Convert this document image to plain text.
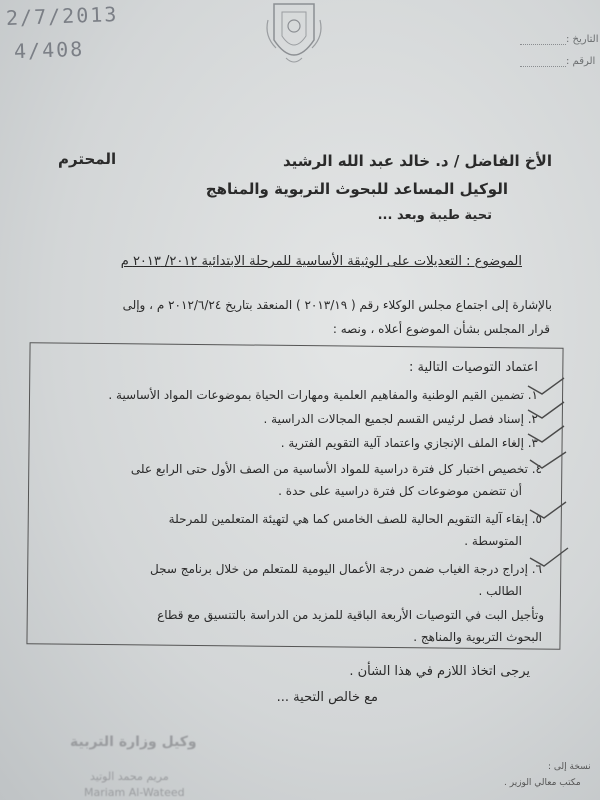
2/7/2013
4/408	التاريخ :
الرقم :
الأخ الفاضل / د. خالد عبد الله الرشيد
المحترم
الوكيل المساعد للبحوث التربوية والمناهج
تحية طيبة وبعد ...
الموضوع : التعديلات على الوثيقة الأساسية للمرحلة الابتدائية ٢٠١٢/ ٢٠١٣ م
بالإشارة إلى اجتماع مجلس الوكلاء رقم ( ٢٠١٣/١٩ ) المنعقد بتاريخ ٢٠١٢/٦/٢٤ م ، وإلى
قرار المجلس بشأن الموضوع أعلاه ، ونصه :
اعتماد التوصيات التالية :
١. تضمين القيم الوطنية والمفاهيم العلمية ومهارات الحياة بموضوعات المواد الأساسية .
٢. إسناد فصل لرئيس القسم لجميع المجالات الدراسية .
٣. إلغاء الملف الإنجازي واعتماد آلية التقويم الفترية .
٤. تخصيص اختبار كل فترة دراسية للمواد الأساسية من الصف الأول حتى الرابع على
أن تتضمن موضوعات كل فترة دراسية على حدة .
٥. إبقاء آلية التقويم الحالية للصف الخامس كما هي لتهيئة المتعلمين للمرحلة
المتوسطة .
٦. إدراج درجة الغياب ضمن درجة الأعمال اليومية للمتعلم من خلال برنامج سجل
الطالب .
وتأجيل البت في التوصيات الأربعة الباقية للمزيد من الدراسة بالتنسيق مع قطاع
البحوث التربوية والمناهج .
يرجى اتخاذ اللازم في هذا الشأن .
مع خالص التحية ...
وكيل وزارة التربية
مريم محمد الوتيد
Mariam Al-Wateed
نسخة إلى :
مكتب معالي الوزير .
